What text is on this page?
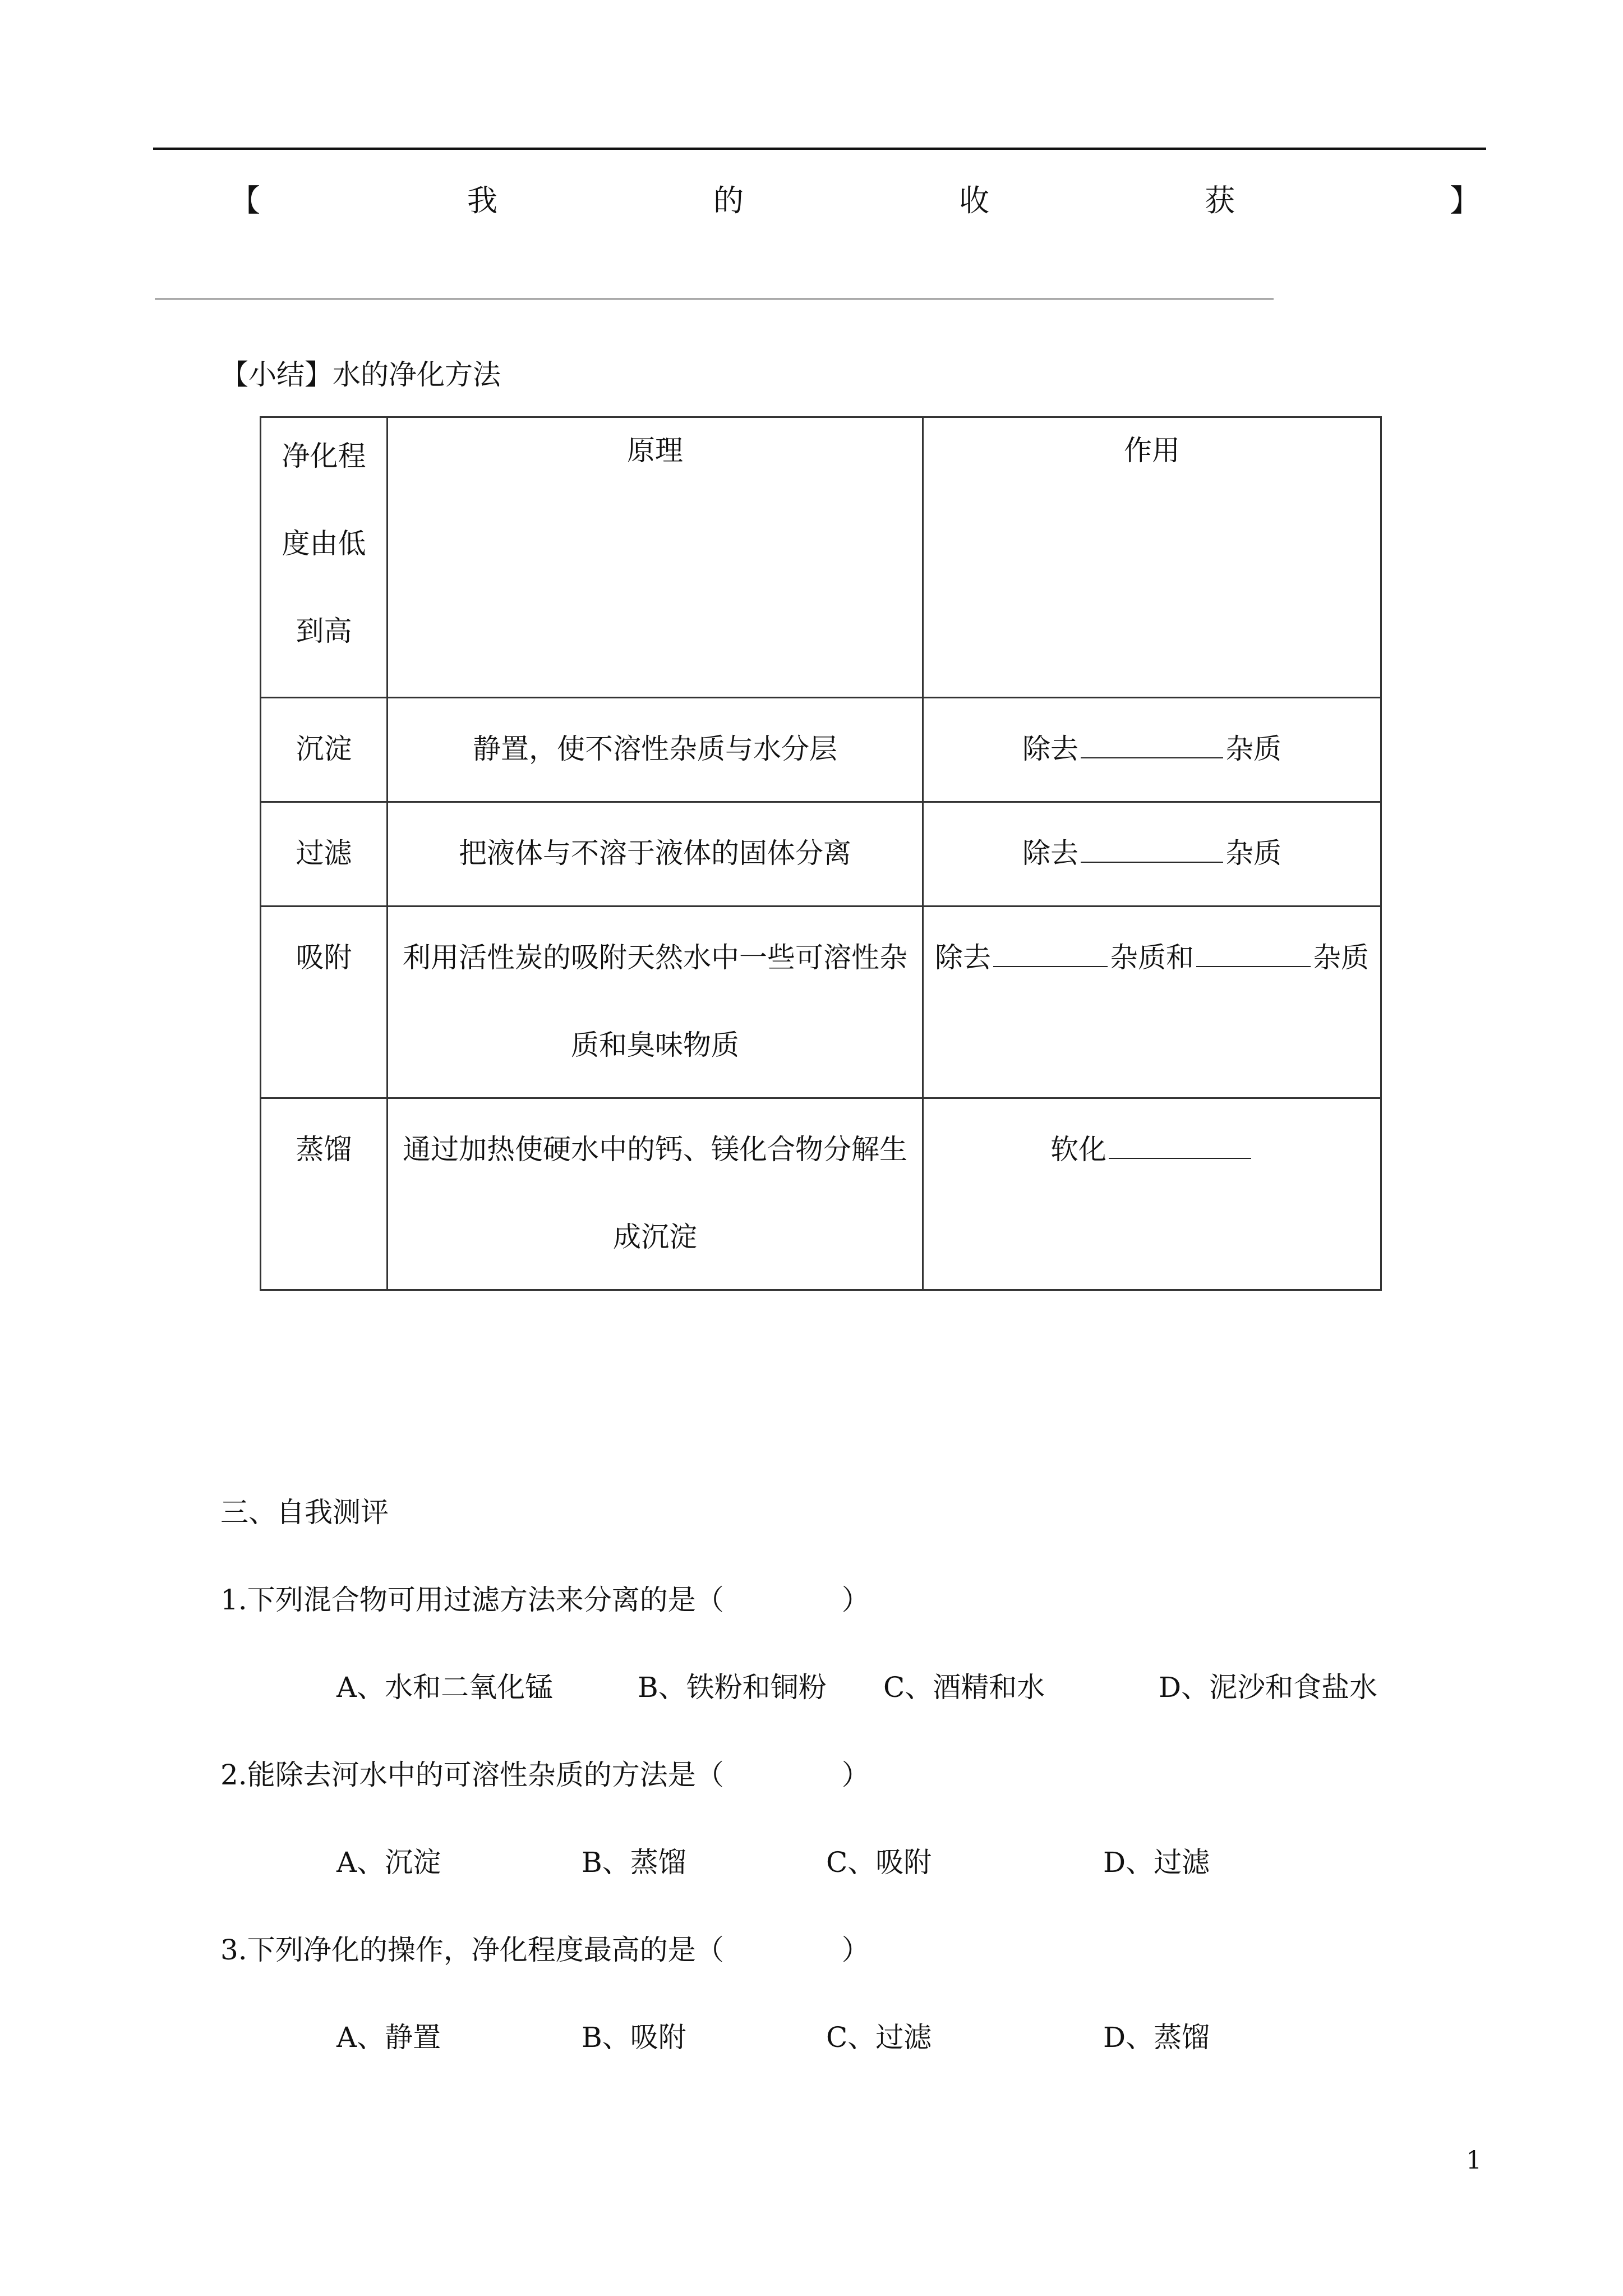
【	我	的	收	获	】
【小结】水的净化方法
净化程度由低到高	原理	作用
沉淀	静置，使不溶性杂质与水分层	除去 杂质
过滤	把液体与不溶于液体的固体分离	除去 杂质
吸附	利用活性炭的吸附天然水中一些可溶性杂质和臭味物质	除去 杂质和 杂质

蒸馏	通过加热使硬水中的钙、镁化合物分解生成沉淀	软化
三、自我测评
1.下列混合物可用过滤方法来分离的是（	）
A、水和二氧化锰	B、铁粉和铜粉 C、酒精和水	D、泥沙和食盐水
2.能除去河水中的可溶性杂质的方法是（	）
A、沉淀	B、蒸馏	C、吸附	D、过滤
3.下列净化的操作，净化程度最高的是（	）
A、静置	B、吸附	C、过滤	D、蒸馏
1
